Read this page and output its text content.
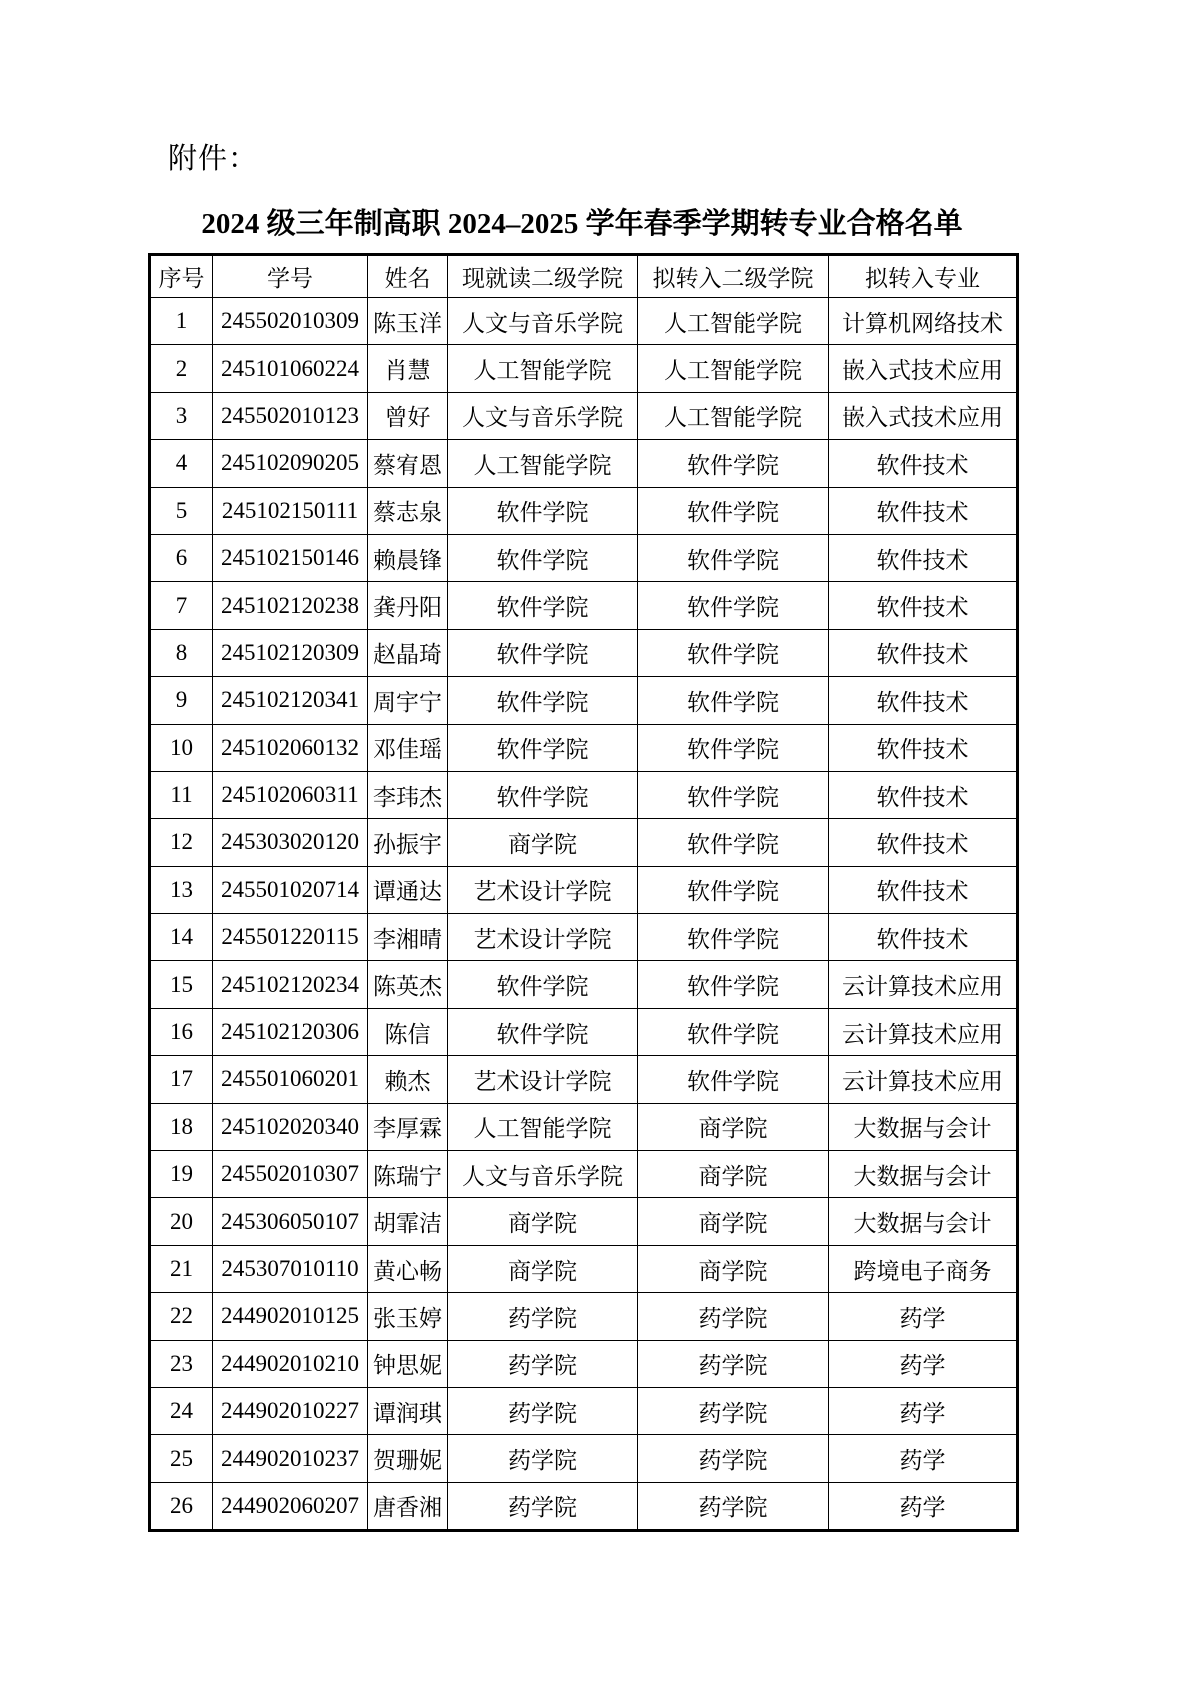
附件：
2024 级三年制高职 2024–2025 学年春季学期转专业合格名单
序号	学号	姓名	现就读二级学院	拟转入二级学院	拟转入专业
1	245502010309	陈玉洋	人文与音乐学院	人工智能学院	计算机网络技术
2	245101060224	肖慧	人工智能学院	人工智能学院	嵌入式技术应用
3	245502010123	曾好	人文与音乐学院	人工智能学院	嵌入式技术应用
4	245102090205	蔡宥恩	人工智能学院	软件学院	软件技术
5	245102150111	蔡志泉	软件学院	软件学院	软件技术
6	245102150146	赖晨锋	软件学院	软件学院	软件技术
7	245102120238	龚丹阳	软件学院	软件学院	软件技术
8	245102120309	赵晶琦	软件学院	软件学院	软件技术
9	245102120341	周宇宁	软件学院	软件学院	软件技术
10	245102060132	邓佳瑶	软件学院	软件学院	软件技术
11	245102060311	李玮杰	软件学院	软件学院	软件技术
12	245303020120	孙振宇	商学院	软件学院	软件技术
13	245501020714	谭通达	艺术设计学院	软件学院	软件技术
14	245501220115	李湘晴	艺术设计学院	软件学院	软件技术
15	245102120234	陈英杰	软件学院	软件学院	云计算技术应用
16	245102120306	陈信	软件学院	软件学院	云计算技术应用
17	245501060201	赖杰	艺术设计学院	软件学院	云计算技术应用
18	245102020340	李厚霖	人工智能学院	商学院	大数据与会计
19	245502010307	陈瑞宁	人文与音乐学院	商学院	大数据与会计
20	245306050107	胡霏洁	商学院	商学院	大数据与会计
21	245307010110	黄心畅	商学院	商学院	跨境电子商务
22	244902010125	张玉婷	药学院	药学院	药学
23	244902010210	钟思妮	药学院	药学院	药学
24	244902010227	谭润琪	药学院	药学院	药学
25	244902010237	贺珊妮	药学院	药学院	药学
26	244902060207	唐香湘	药学院	药学院	药学
